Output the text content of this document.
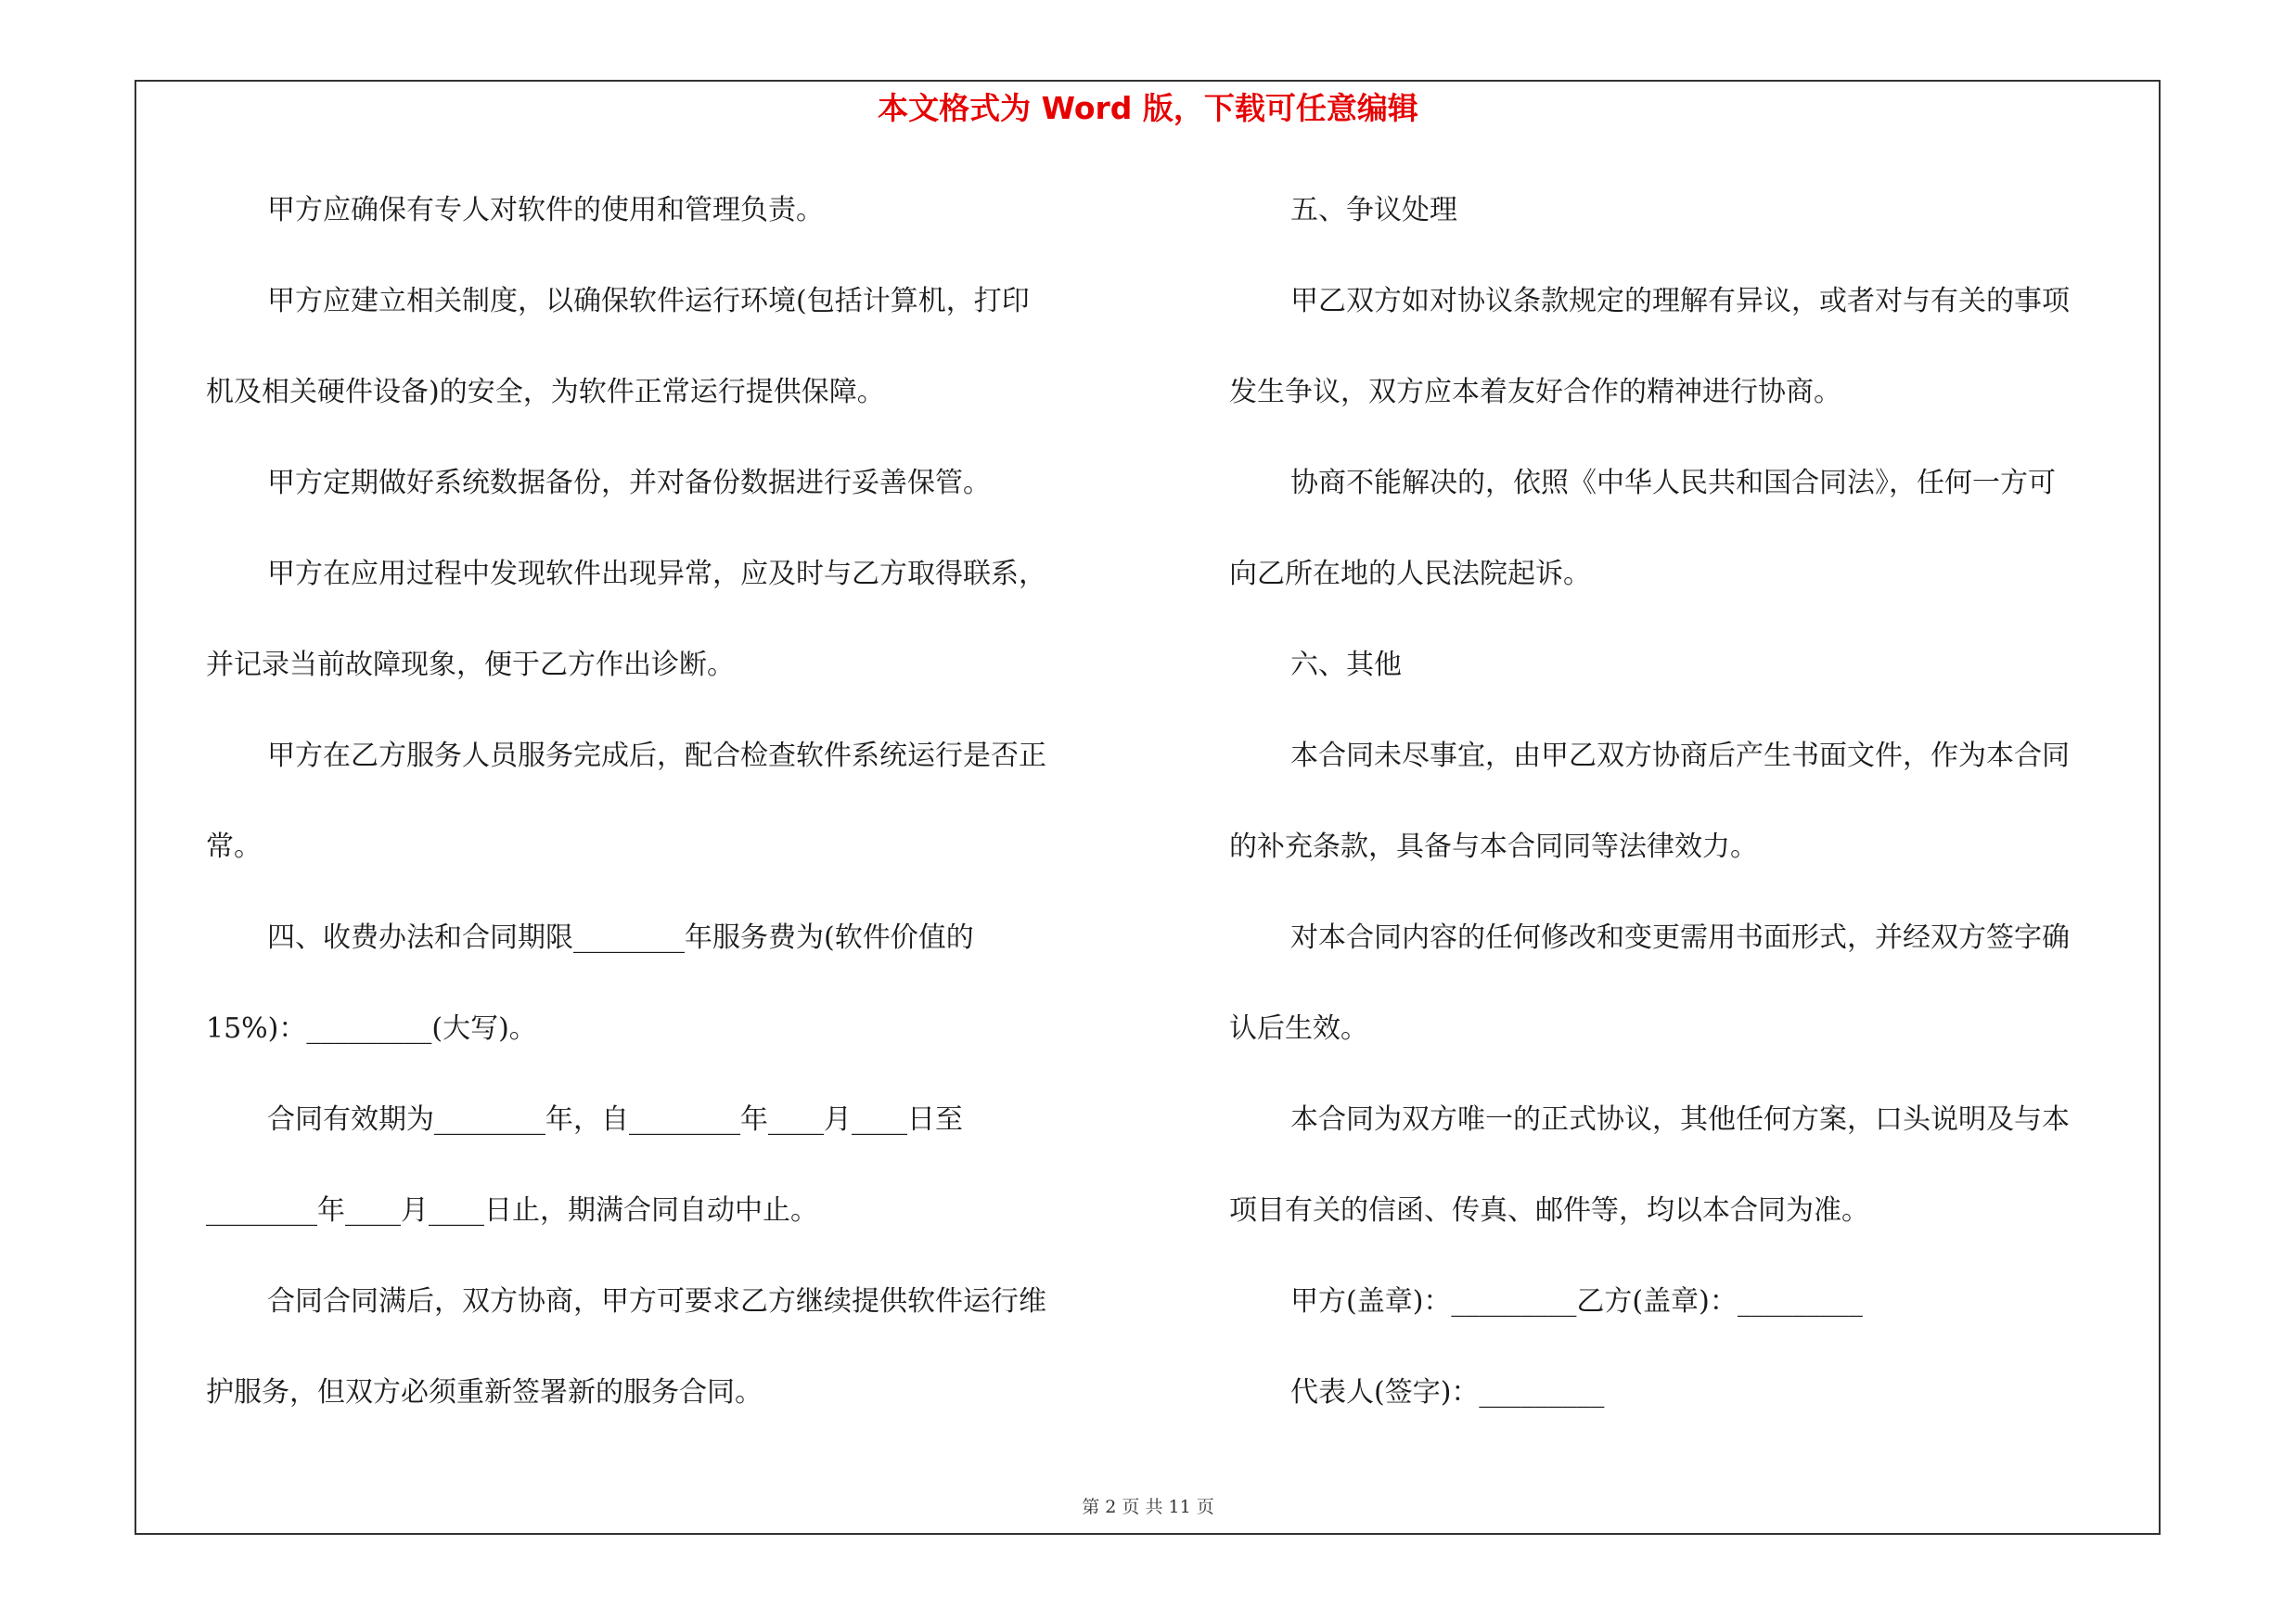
本文格式为 Word 版，下载可任意编辑
甲方应确保有专人对软件的使用和管理负责。
甲方应建立相关制度，以确保软件运行环境(包括计算机，打印
机及相关硬件设备)的安全，为软件正常运行提供保障。
甲方定期做好系统数据备份，并对备份数据进行妥善保管。
甲方在应用过程中发现软件出现异常，应及时与乙方取得联系，
并记录当前故障现象，便于乙方作出诊断。
甲方在乙方服务人员服务完成后，配合检查软件系统运行是否正
常。
四、收费办法和合同期限________年服务费为(软件价值的
15%)：_________(大写)。
合同有效期为________年，自________年____月____日至
________年____月____日止，期满合同自动中止。
合同合同满后，双方协商，甲方可要求乙方继续提供软件运行维
护服务，但双方必须重新签署新的服务合同。
五、争议处理
甲乙双方如对协议条款规定的理解有异议，或者对与有关的事项
发生争议，双方应本着友好合作的精神进行协商。
协商不能解决的，依照《中华人民共和国合同法》，任何一方可
向乙所在地的人民法院起诉。
六、其他
本合同未尽事宜，由甲乙双方协商后产生书面文件，作为本合同
的补充条款，具备与本合同同等法律效力。
对本合同内容的任何修改和变更需用书面形式，并经双方签字确
认后生效。
本合同为双方唯一的正式协议，其他任何方案，口头说明及与本
项目有关的信函、传真、邮件等，均以本合同为准。
甲方(盖章)：_________乙方(盖章)：_________
代表人(签字)：_________
第 2 页 共 11 页
